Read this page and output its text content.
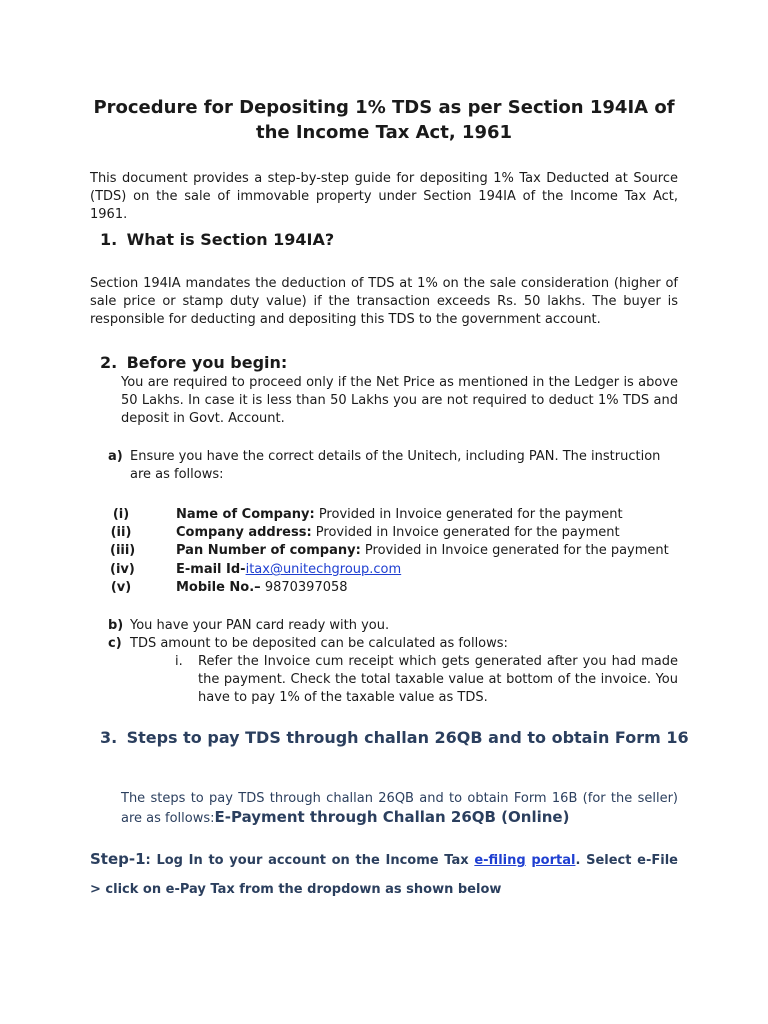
Procedure for Depositing 1% TDS as per Section 194IA of the Income Tax Act, 1961
This document provides a step-by-step guide for depositing 1% Tax Deducted at Source (TDS) on the sale of immovable property under Section 194IA of the Income Tax Act, 1961.
1. What is Section 194IA?
Section 194IA mandates the deduction of TDS at 1% on the sale consideration (higher of sale price or stamp duty value) if the transaction exceeds Rs. 50 lakhs. The buyer is responsible for deducting and depositing this TDS to the government account.
2. Before you begin:
You are required to proceed only if the Net Price as mentioned in the Ledger is above 50 Lakhs. In case it is less than 50 Lakhs you are not required to deduct 1% TDS and deposit in Govt. Account.
a) Ensure you have the correct details of the Unitech, including PAN. The instruction are as follows:
(i)	Name of Company: Provided in Invoice generated for the payment
(ii)	Company address: Provided in Invoice generated for the payment
(iii)	Pan Number of company: Provided in Invoice generated for the payment
(iv)	E-mail Id-itax@unitechgroup.com
(v)	Mobile No.– 9870397058
b) You have your PAN card ready with you.
c) TDS amount to be deposited can be calculated as follows:
i. Refer the Invoice cum receipt which gets generated after you had made the payment. Check the total taxable value at bottom of the invoice. You have to pay 1% of the taxable value as TDS.
3. Steps to pay TDS through challan 26QB and to obtain Form 16
The steps to pay TDS through challan 26QB and to obtain Form 16B (for the seller) are as follows:E-Payment through Challan 26QB (Online)
Step-1: Log In to your account on the Income Tax e-filing portal. Select e-File > click on e-Pay Tax from the dropdown as shown below
